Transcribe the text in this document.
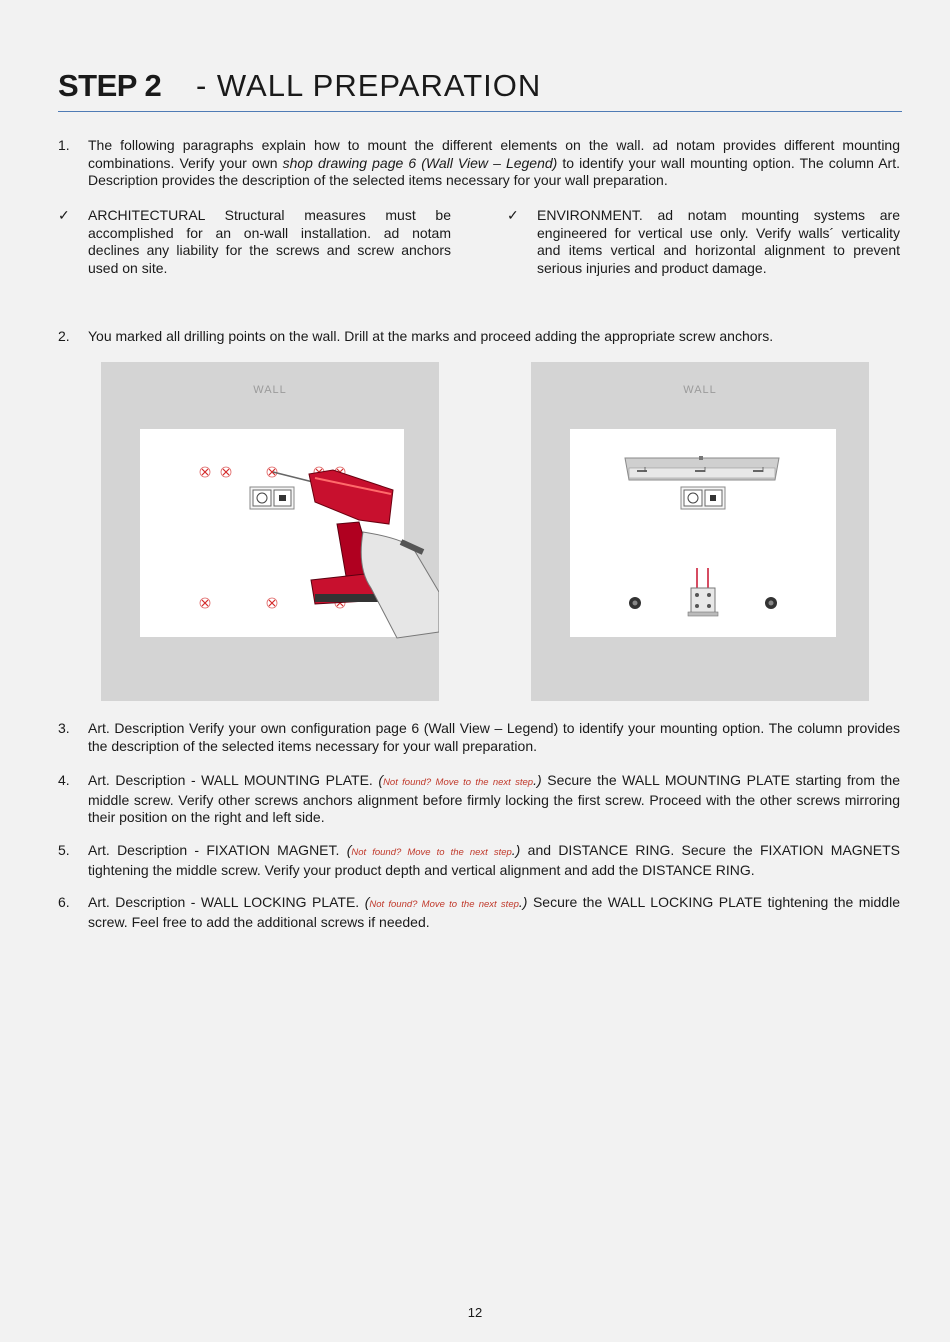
STEP 2 - WALL PREPARATION
1. The following paragraphs explain how to mount the different elements on the wall. ad notam provides different mounting combinations. Verify your own shop drawing page 6 (Wall View – Legend) to identify your wall mounting option. The column Art. Description provides the description of the selected items necessary for your wall preparation.
✓ ARCHITECTURAL Structural measures must be accomplished for an on-wall installation. ad notam declines any liability for the screws and screw anchors used on site.
✓ ENVIRONMENT. ad notam mounting systems are engineered for vertical use only. Verify walls´ verticality and items vertical and horizontal alignment to prevent serious injuries and product damage.
2. You marked all drilling points on the wall. Drill at the marks and proceed adding the appropriate screw anchors.
WALL	WALL
3. Art. Description Verify your own configuration page 6 (Wall View – Legend) to identify your mounting option. The column provides the description of the selected items necessary for your wall preparation.
4. Art. Description - WALL MOUNTING PLATE. (Not found? Move to the next step.) Secure the WALL MOUNTING PLATE starting from the middle screw. Verify other screws anchors alignment before firmly locking the first screw. Proceed with the other screws mirroring their position on the right and left side.
5. Art. Description - FIXATION MAGNET. (Not found? Move to the next step.) and DISTANCE RING. Secure the FIXATION MAGNETS tightening the middle screw. Verify your product depth and vertical alignment and add the DISTANCE RING.
6. Art. Description - WALL LOCKING PLATE. (Not found? Move to the next step.) Secure the WALL LOCKING PLATE tightening the middle screw. Feel free to add the additional screws if needed.
12
